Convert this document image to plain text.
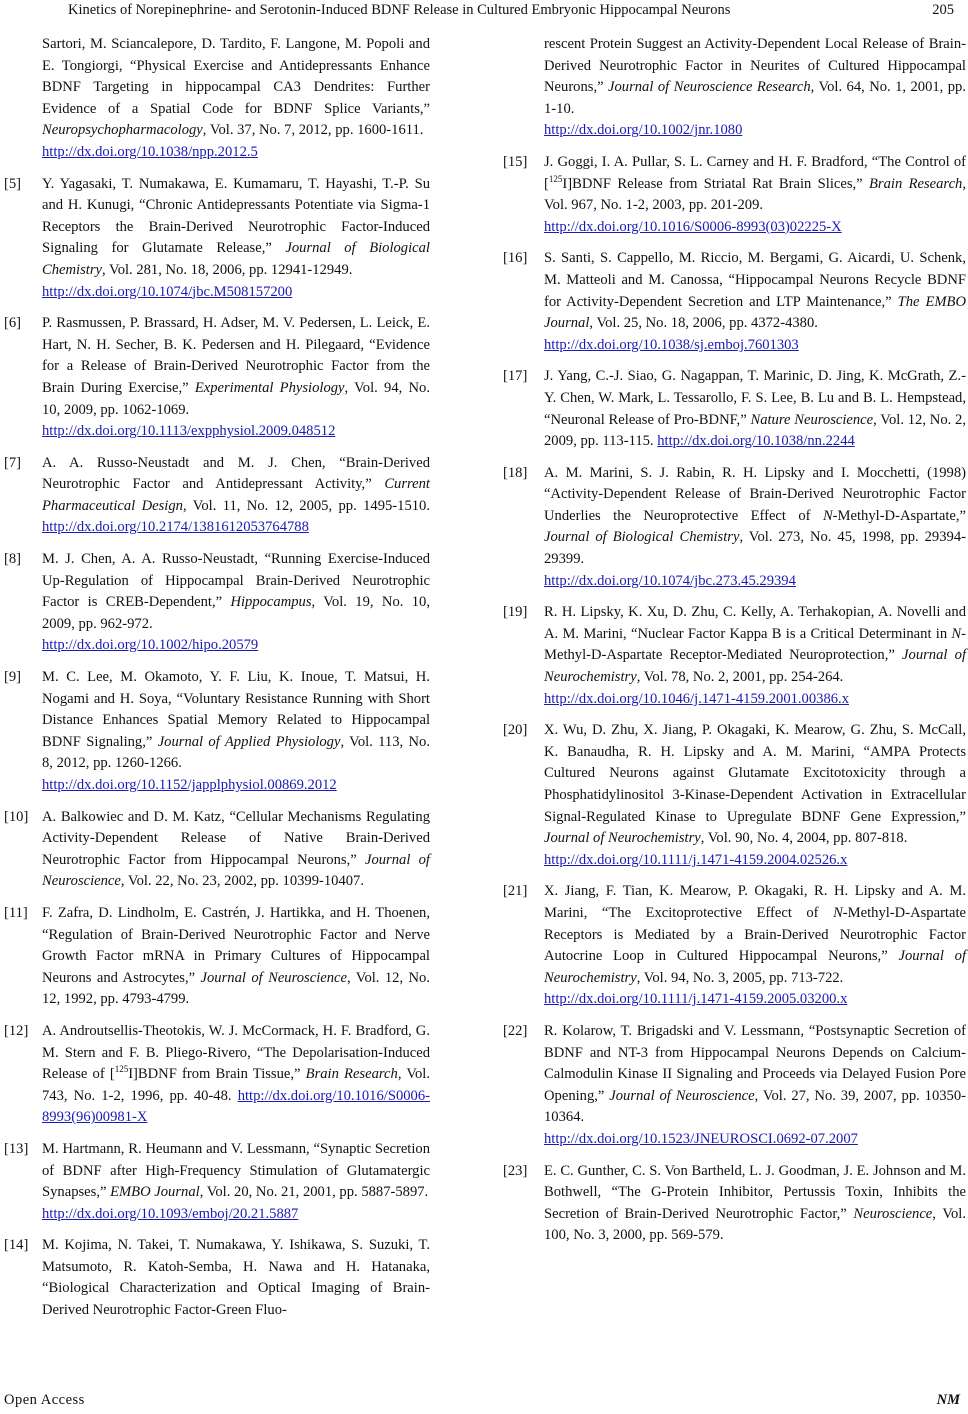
Kinetics of Norepinephrine- and Serotonin-Induced BDNF Release in Cultured Embryonic Hippocampal Neurons	205
Sartori, M. Sciancalepore, D. Tardito, F. Langone, M. Popoli and E. Tongiorgi, “Physical Exercise and Antidepressants Enhance BDNF Targeting in hippocampal CA3 Dendrites: Further Evidence of a Spatial Code for BDNF Splice Variants,” Neuropsychopharmacology, Vol. 37, No. 7, 2012, pp. 1600-1611.
http://dx.doi.org/10.1038/npp.2012.5
[5] Y. Yagasaki, T. Numakawa, E. Kumamaru, T. Hayashi, T.-P. Su and H. Kunugi, “Chronic Antidepressants Potentiate via Sigma-1 Receptors the Brain-Derived Neurotrophic Factor-Induced Signaling for Glutamate Release,” Journal of Biological Chemistry, Vol. 281, No. 18, 2006, pp. 12941-12949.
http://dx.doi.org/10.1074/jbc.M508157200
[6] P. Rasmussen, P. Brassard, H. Adser, M. V. Pedersen, L. Leick, E. Hart, N. H. Secher, B. K. Pedersen and H. Pilegaard, “Evidence for a Release of Brain-Derived Neurotrophic Factor from the Brain During Exercise,” Experimental Physiology, Vol. 94, No. 10, 2009, pp. 1062-1069.
http://dx.doi.org/10.1113/expphysiol.2009.048512
[7] A. A. Russo-Neustadt and M. J. Chen, “Brain-Derived Neurotrophic Factor and Antidepressant Activity,” Current Pharmaceutical Design, Vol. 11, No. 12, 2005, pp. 1495-1510. http://dx.doi.org/10.2174/1381612053764788
[8] M. J. Chen, A. A. Russo-Neustadt, “Running Exercise-Induced Up-Regulation of Hippocampal Brain-Derived Neurotrophic Factor is CREB-Dependent,” Hippocampus, Vol. 19, No. 10, 2009, pp. 962-972.
http://dx.doi.org/10.1002/hipo.20579
[9] M. C. Lee, M. Okamoto, Y. F. Liu, K. Inoue, T. Matsui, H. Nogami and H. Soya, “Voluntary Resistance Running with Short Distance Enhances Spatial Memory Related to Hippocampal BDNF Signaling,” Journal of Applied Physiology, Vol. 113, No. 8, 2012, pp. 1260-1266.
http://dx.doi.org/10.1152/japplphysiol.00869.2012
[10] A. Balkowiec and D. M. Katz, “Cellular Mechanisms Regulating Activity-Dependent Release of Native Brain-Derived Neurotrophic Factor from Hippocampal Neurons,” Journal of Neuroscience, Vol. 22, No. 23, 2002, pp. 10399-10407.
[11] F. Zafra, D. Lindholm, E. Castrén, J. Hartikka, and H. Thoenen, “Regulation of Brain-Derived Neurotrophic Factor and Nerve Growth Factor mRNA in Primary Cultures of Hippocampal Neurons and Astrocytes,” Journal of Neuroscience, Vol. 12, No. 12, 1992, pp. 4793-4799.
[12] A. Androutsellis-Theotokis, W. J. McCormack, H. F. Bradford, G. M. Stern and F. B. Pliego-Rivero, “The Depolarisation-Induced Release of [$^{125}$I]BDNF from Brain Tissue,” Brain Research, Vol. 743, No. 1-2, 1996, pp. 40-48. http://dx.doi.org/10.1016/S0006-8993(96)00981-X
[13] M. Hartmann, R. Heumann and V. Lessmann, “Synaptic Secretion of BDNF after High-Frequency Stimulation of Glutamatergic Synapses,” EMBO Journal, Vol. 20, No. 21, 2001, pp. 5887-5897.
http://dx.doi.org/10.1093/emboj/20.21.5887
[14] M. Kojima, N. Takei, T. Numakawa, Y. Ishikawa, S. Suzuki, T. Matsumoto, R. Katoh-Semba, H. Nawa and H. Hatanaka, “Biological Characterization and Optical Imaging of Brain-Derived Neurotrophic Factor-Green Fluo-
rescent Protein Suggest an Activity-Dependent Local Release of Brain-Derived Neurotrophic Factor in Neurites of Cultured Hippocampal Neurons,” Journal of Neuroscience Research, Vol. 64, No. 1, 2001, pp. 1-10.
http://dx.doi.org/10.1002/jnr.1080
[15] J. Goggi, I. A. Pullar, S. L. Carney and H. F. Bradford, “The Control of [$^{125}$I]BDNF Release from Striatal Rat Brain Slices,” Brain Research, Vol. 967, No. 1-2, 2003, pp. 201-209.
http://dx.doi.org/10.1016/S0006-8993(03)02225-X
[16] S. Santi, S. Cappello, M. Riccio, M. Bergami, G. Aicardi, U. Schenk, M. Matteoli and M. Canossa, “Hippocampal Neurons Recycle BDNF for Activity-Dependent Secretion and LTP Maintenance,” The EMBO Journal, Vol. 25, No. 18, 2006, pp. 4372-4380.
http://dx.doi.org/10.1038/sj.emboj.7601303
[17] J. Yang, C.-J. Siao, G. Nagappan, T. Marinic, D. Jing, K. McGrath, Z.-Y. Chen, W. Mark, L. Tessarollo, F. S. Lee, B. Lu and B. L. Hempstead, “Neuronal Release of Pro-BDNF,” Nature Neuroscience, Vol. 12, No. 2, 2009, pp. 113-115. http://dx.doi.org/10.1038/nn.2244
[18] A. M. Marini, S. J. Rabin, R. H. Lipsky and I. Mocchetti, (1998) “Activity-Dependent Release of Brain-Derived Neurotrophic Factor Underlies the Neuroprotective Effect of N-Methyl-D-Aspartate,” Journal of Biological Chemistry, Vol. 273, No. 45, 1998, pp. 29394-29399.
http://dx.doi.org/10.1074/jbc.273.45.29394
[19] R. H. Lipsky, K. Xu, D. Zhu, C. Kelly, A. Terhakopian, A. Novelli and A. M. Marini, “Nuclear Factor Kappa B is a Critical Determinant in N-Methyl-D-Aspartate Receptor-Mediated Neuroprotection,” Journal of Neurochemistry, Vol. 78, No. 2, 2001, pp. 254-264.
http://dx.doi.org/10.1046/j.1471-4159.2001.00386.x
[20] X. Wu, D. Zhu, X. Jiang, P. Okagaki, K. Mearow, G. Zhu, S. McCall, K. Banaudha, R. H. Lipsky and A. M. Marini, “AMPA Protects Cultured Neurons against Glutamate Excitotoxicity through a Phosphatidylinositol 3-Kinase-Dependent Activation in Extracellular Signal-Regulated Kinase to Upregulate BDNF Gene Expression,” Journal of Neurochemistry, Vol. 90, No. 4, 2004, pp. 807-818.
http://dx.doi.org/10.1111/j.1471-4159.2004.02526.x
[21] X. Jiang, F. Tian, K. Mearow, P. Okagaki, R. H. Lipsky and A. M. Marini, “The Excitoprotective Effect of N-Methyl-D-Aspartate Receptors is Mediated by a Brain-Derived Neurotrophic Factor Autocrine Loop in Cultured Hippocampal Neurons,” Journal of Neurochemistry, Vol. 94, No. 3, 2005, pp. 713-722.
http://dx.doi.org/10.1111/j.1471-4159.2005.03200.x
[22] R. Kolarow, T. Brigadski and V. Lessmann, “Postsynaptic Secretion of BDNF and NT-3 from Hippocampal Neurons Depends on Calcium-Calmodulin Kinase II Signaling and Proceeds via Delayed Fusion Pore Opening,” Journal of Neuroscience, Vol. 27, No. 39, 2007, pp. 10350-10364.
http://dx.doi.org/10.1523/JNEUROSCI.0692-07.2007
[23] E. C. Gunther, C. S. Von Bartheld, L. J. Goodman, J. E. Johnson and M. Bothwell, “The G-Protein Inhibitor, Pertussis Toxin, Inhibits the Secretion of Brain-Derived Neurotrophic Factor,” Neuroscience, Vol. 100, No. 3, 2000, pp. 569-579.
Open Access	NM
